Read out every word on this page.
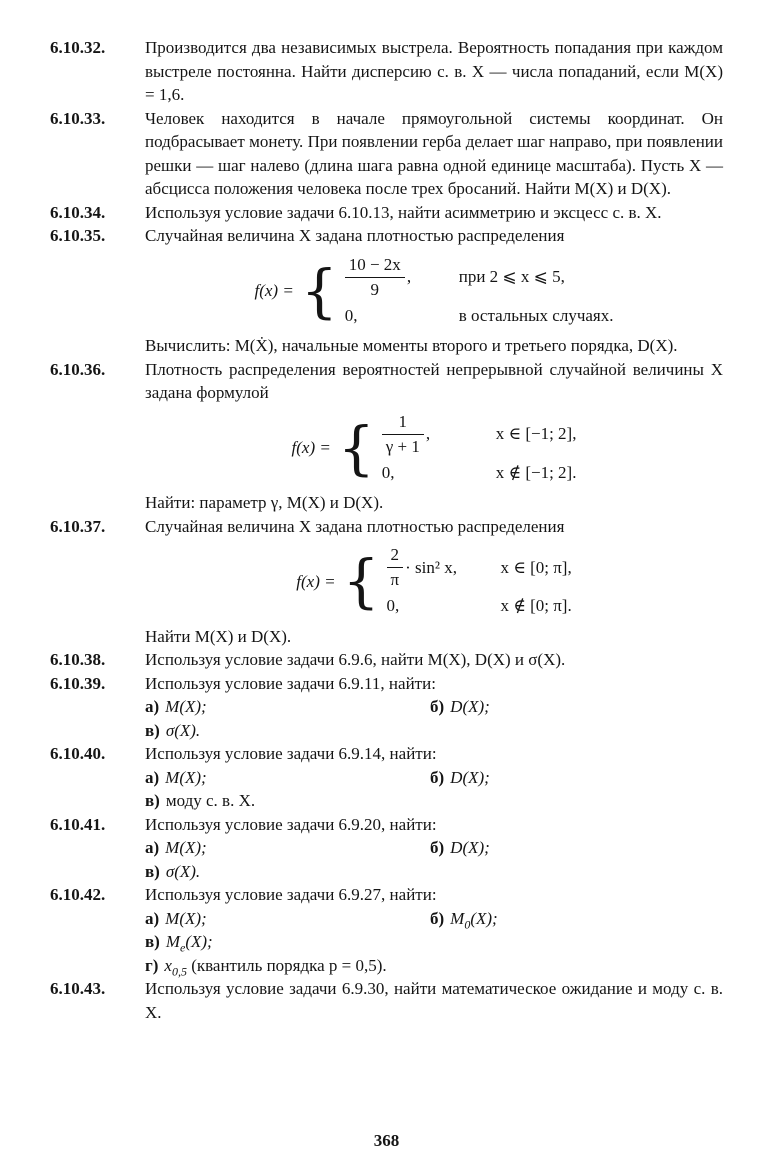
6.10.32.	Производится два независимых выстрела. Вероятность попадания при каждом выстреле постоянна. Найти дисперсию с. в. X — числа попаданий, если M(X) = 1,6.
6.10.33.	Человек находится в начале прямоугольной системы координат. Он подбрасывает монету. При появлении герба делает шаг направо, при появлении решки — шаг налево (длина шага равна одной единице масштаба). Пусть X — абсцисса положения человека после трех бросаний. Найти M(X) и D(X).
6.10.34.	Используя условие задачи 6.10.13, найти асимметрию и эксцесс с. в. X.
6.10.35.	Случайная величина X задана плотностью распределения
f(x) = { $\frac{10 - 2x}{9}$ ,	при 2 ⩽ x ⩽ 5,
0,	в остальных случаях.
Вычислить: M(Ẋ), начальные моменты второго и третьего порядка, D(X).
6.10.36.	Плотность распределения вероятностей непрерывной случайной величины X задана формулой
f(x) = { $\frac{1}{\gamma + 1}$ ,	x ∈ [−1; 2],
0,	x ∉ [−1; 2].
Найти: параметр γ, M(X) и D(X).
6.10.37.	Случайная величина X задана плотностью распределения
f(x) = { $\frac{2}{\pi} \cdot \sin^2$ x,	x ∈ [0; π],
0,	x ∉ [0; π].
Найти M(X) и D(X).
6.10.38.	Используя условие задачи 6.9.6, найти M(X), D(X) и σ(X).
6.10.39.	Используя условие задачи 6.9.11, найти:
а) M(X);	б) D(X);
в) σ(X).
6.10.40.	Используя условие задачи 6.9.14, найти:
а) M(X);	б) D(X);
в) моду с. в. X.
6.10.41.	Используя условие задачи 6.9.20, найти:
а) M(X);	б) D(X);
в) σ(X).
6.10.42.	Используя условие задачи 6.9.27, найти:
а) M(X);	б) $M_0(X)$;
в) $M_e(X)$;
г) $x_{0,5}$ (квантиль порядка p = 0,5).
6.10.43.	Используя условие задачи 6.9.30, найти математическое ожидание и моду с. в. X.
368
